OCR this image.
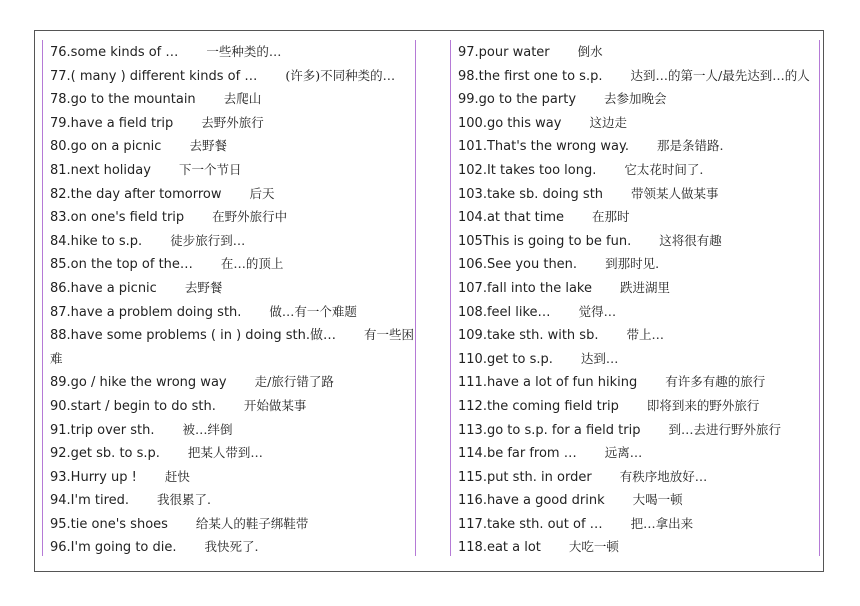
76.some kinds of … 一些种类的…

77.( many ) different kinds of … (许多)不同种类的…

78.go to the mountain 去爬山

79.have a field trip 去野外旅行

80.go on a picnic 去野餐

81.next holiday 下一个节日

82.the day after tomorrow 后天

83.on one's field trip 在野外旅行中

84.hike to s.p. 徒步旅行到…

85.on the top of the… 在…的顶上

86.have a picnic 去野餐

87.have a problem doing sth. 做…有一个难题

88.have some problems ( in ) doing sth.做… 有一些困难

89.go / hike the wrong way 走/旅行错了路

90.start / begin to do sth. 开始做某事

91.trip over sth. 被…绊倒

92.get sb. to s.p. 把某人带到…

93.Hurry up ! 赶快

94.I'm tired. 我很累了.

95.tie one's shoes 给某人的鞋子绑鞋带

96.I'm going to die. 我快死了.

97.pour water 倒水

98.the first one to s.p. 达到…的第一人/最先达到…的人

99.go to the party 去参加晚会

100.go this way 这边走

101.That's the wrong way. 那是条错路.

102.It takes too long. 它太花时间了.

103.take sb. doing sth 带领某人做某事

104.at that time 在那时

105This is going to be fun. 这将很有趣

106.See you then. 到那时见.

107.fall into the lake 跌进湖里

108.feel like… 觉得…

109.take sth. with sb. 带上…

110.get to s.p. 达到…

111.have a lot of fun hiking 有许多有趣的旅行

112.the coming field trip 即将到来的野外旅行

113.go to s.p. for a field trip 到…去进行野外旅行

114.be far from … 远离…

115.put sth. in order 有秩序地放好…

116.have a good drink 大喝一顿

117.take sth. out of … 把…拿出来

118.eat a lot 大吃一顿
